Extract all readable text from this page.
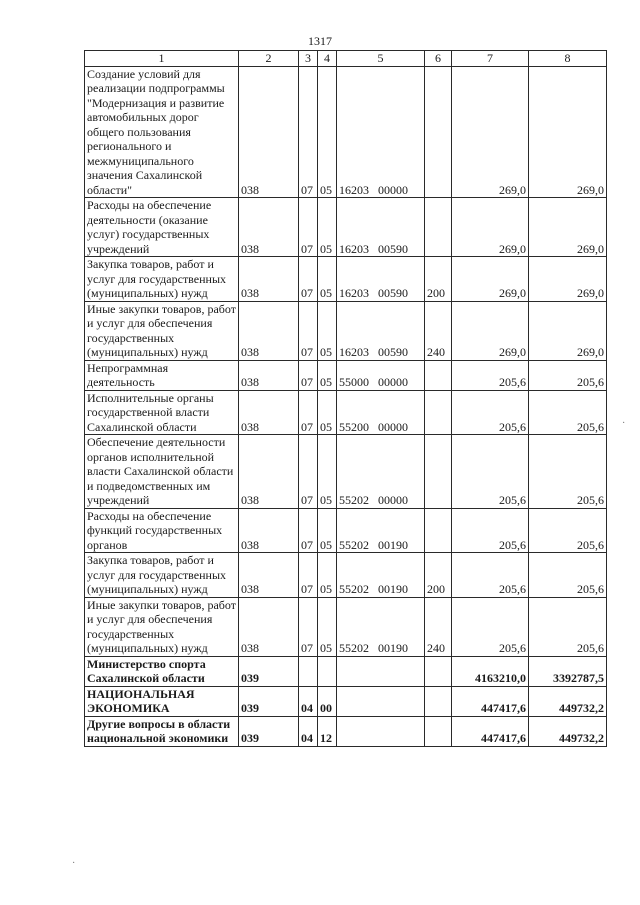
1317
1	2	3	4	5	6	7	8
Создание условий для реализации подпрограммы "Модернизация и развитие автомобильных дорог общего пользования регионального и межмуниципального значения Сахалинской области"	038	07	05	16203 00000		269,0	269,0
Расходы на обеспечение деятельности (оказание услуг) государственных учреждений	038	07	05	16203 00590		269,0	269,0
Закупка товаров, работ и услуг для государственных (муниципальных) нужд	038	07	05	16203 00590	200	269,0	269,0
Иные закупки товаров, работ и услуг для обеспечения государственных (муниципальных) нужд	038	07	05	16203 00590	240	269,0	269,0
Непрограммная деятельность	038	07	05	55000 00000		205,6	205,6
Исполнительные органы государственной власти Сахалинской области	038	07	05	55200 00000		205,6	205,6
Обеспечение деятельности органов исполнительной власти Сахалинской области и подведомственных им учреждений	038	07	05	55202 00000		205,6	205,6
Расходы на обеспечение функций государственных органов	038	07	05	55202 00190		205,6	205,6
Закупка товаров, работ и услуг для государственных (муниципальных) нужд	038	07	05	55202 00190	200	205,6	205,6
Иные закупки товаров, работ и услуг для обеспечения государственных (муниципальных) нужд	038	07	05	55202 00190	240	205,6	205,6
Министерство спорта Сахалинской области	039					4163210,0	3392787,5
НАЦИОНАЛЬНАЯ ЭКОНОМИКА	039	04	00			447417,6	449732,2
Другие вопросы в области национальной экономики	039	04	12			447417,6	449732,2
·
·
